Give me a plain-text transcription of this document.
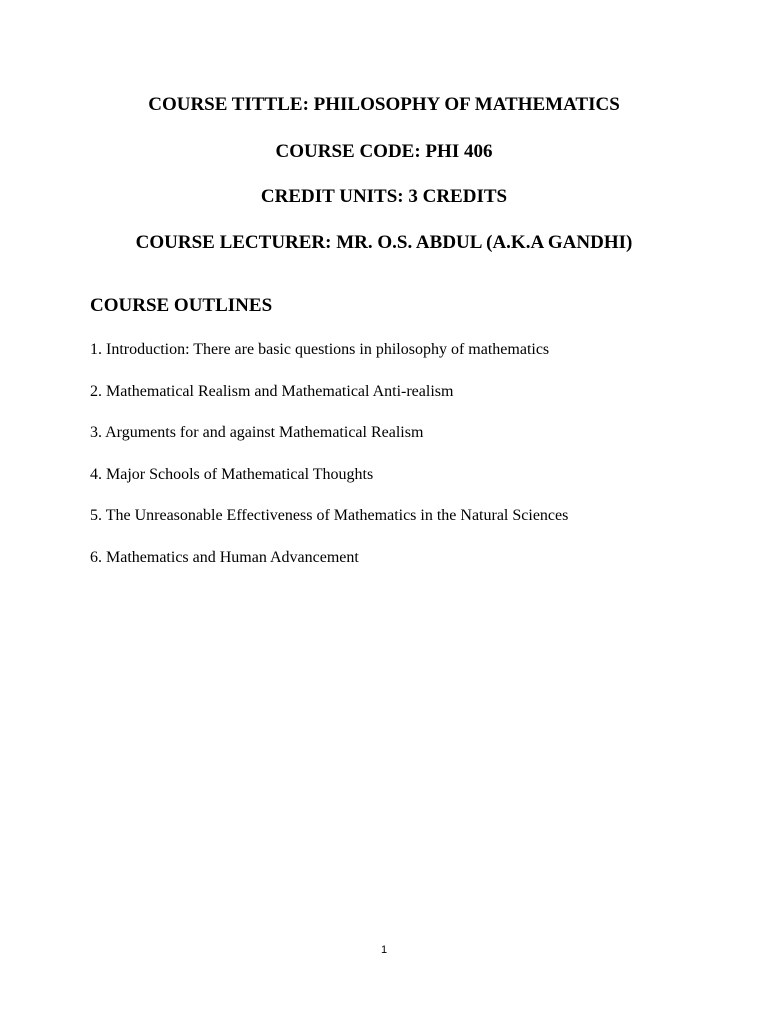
COURSE TITTLE: PHILOSOPHY OF MATHEMATICS
COURSE CODE: PHI 406
CREDIT UNITS: 3 CREDITS
COURSE LECTURER: MR. O.S. ABDUL (A.K.A GANDHI)
COURSE OUTLINES
1. Introduction: There are basic questions in philosophy of mathematics
2. Mathematical Realism and Mathematical Anti-realism
3. Arguments for and against Mathematical Realism
4. Major Schools of Mathematical Thoughts
5. The Unreasonable Effectiveness of Mathematics in the Natural Sciences
6. Mathematics and Human Advancement
1
